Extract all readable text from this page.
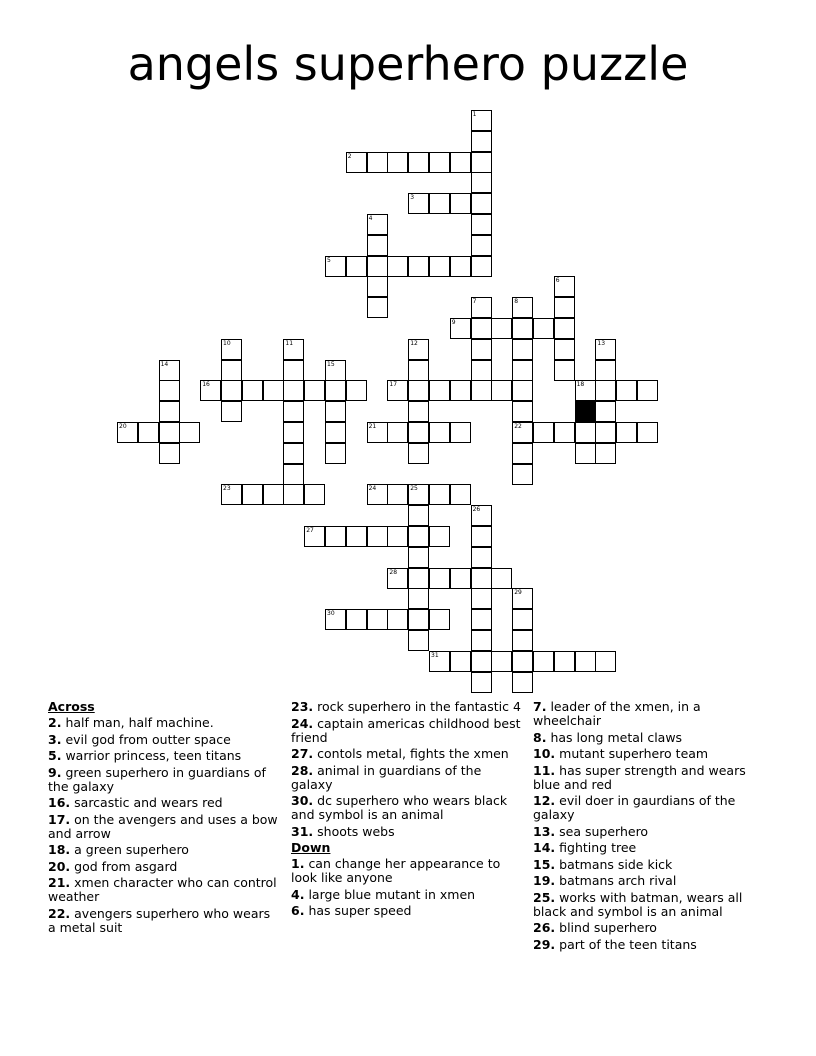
angels superhero puzzle
1
2
3
4
5
6
7	8
22
9
10	11	12	13
14	15
16	17	18
19
20	21
23	24	25
26
27
28
29
30
31
Across
2. half man, half machine.
3. evil god from outter space
5. warrior princess, teen titans
9. green superhero in guardians of the galaxy
16. sarcastic and wears red
17. on the avengers and uses a bow and arrow
18. a green superhero
20. god from asgard
21. xmen character who can control weather
22. avengers superhero who wears a metal suit
23. rock superhero in the fantastic 4
24. captain americas childhood best friend
27. contols metal, fights the xmen
28. animal in guardians of the galaxy
30. dc superhero who wears black and symbol is an animal
31. shoots webs
Down
1. can change her appearance to look like anyone
4. large blue mutant in xmen
6. has super speed
7. leader of the xmen, in a wheelchair
8. has long metal claws
10. mutant superhero team
11. has super strength and wears blue and red
12. evil doer in gaurdians of the galaxy
13. sea superhero
14. fighting tree
15. batmans side kick
19. batmans arch rival
25. works with batman, wears all black and symbol is an animal
26. blind superhero
29. part of the teen titans
